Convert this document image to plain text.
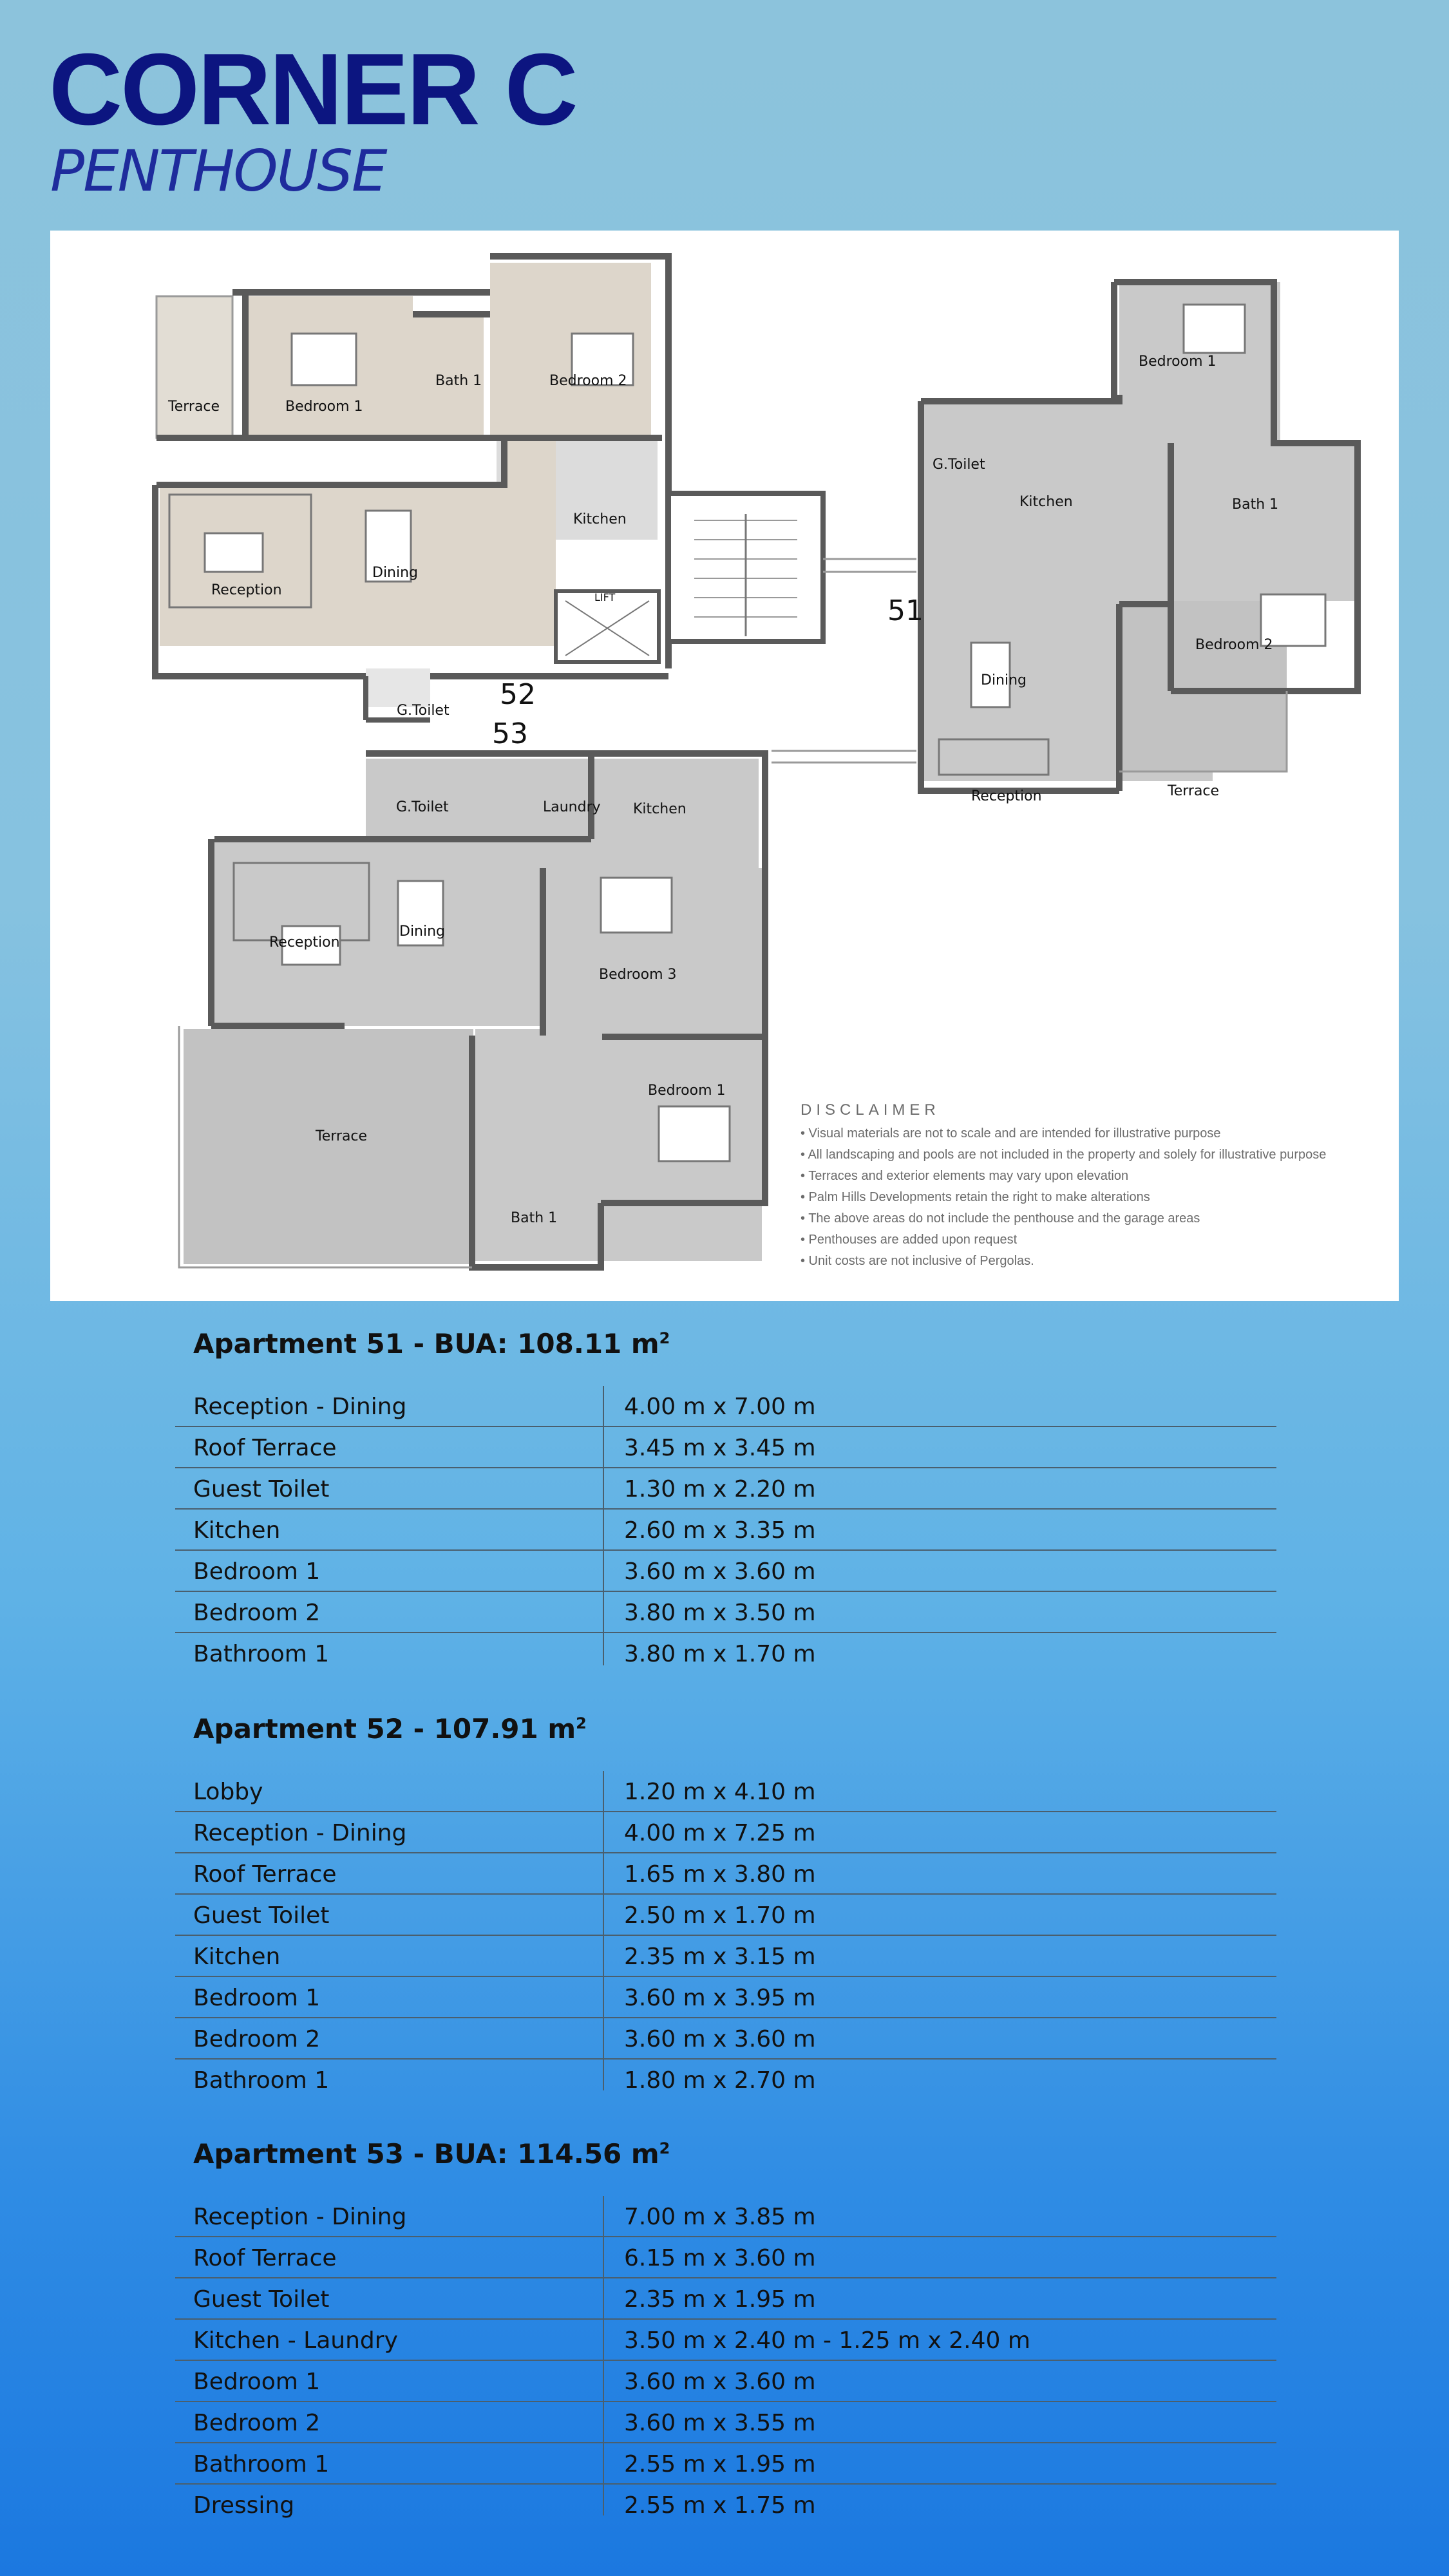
CORNER C
PENTHOUSE
52
53
51
Terrace	Bedroom 1
Bath 1	Bedroom 2
Kitchen
Reception
Dining
LIFT
G.Toilet
G.Toilet	Laundry Kitchen
Reception
Dining
Bedroom 3
Bedroom 1
Terrace
Bath 1
Bedroom 1
G.Toilet
Kitchen	Bath 1
Bedroom 2
Dining
Reception	Terrace
DISCLAIMER
• Visual materials are not to scale and are intended for illustrative purpose
• All landscaping and pools are not included in the property and solely for illustrative purpose
• Terraces and exterior elements may vary upon elevation
• Palm Hills Developments retain the right to make alterations
• The above areas do not include the penthouse and the garage areas
• Penthouses are added upon request
• Unit costs are not inclusive of Pergolas.
Apartment 51 - BUA: 108.11 $m^2$
Reception - Dining	4.00 m x 7.00 m
Roof Terrace	3.45 m x 3.45 m
Guest Toilet	1.30 m x 2.20 m
Kitchen	2.60 m x 3.35 m
Bedroom 1	3.60 m x 3.60 m
Bedroom 2	3.80 m x 3.50 m
Bathroom 1	3.80 m x 1.70 m
Apartment 52 - 107.91 $m^2$
Lobby	1.20 m x 4.10 m
Reception - Dining	4.00 m x 7.25 m
Roof Terrace	1.65 m x 3.80 m
Guest Toilet	2.50 m x 1.70 m
Kitchen	2.35 m x 3.15 m
Bedroom 1	3.60 m x 3.95 m
Bedroom 2	3.60 m x 3.60 m
Bathroom 1	1.80 m x 2.70 m
Apartment 53 - BUA: 114.56 $m^2$
Reception - Dining	7.00 m x 3.85 m
Roof Terrace	6.15 m x 3.60 m
Guest Toilet	2.35 m x 1.95 m
Kitchen - Laundry	3.50 m x 2.40 m - 1.25 m x 2.40 m
Bedroom 1	3.60 m x 3.60 m
Bedroom 2	3.60 m x 3.55 m
Bathroom 1	2.55 m x 1.95 m
Dressing	2.55 m x 1.75 m
